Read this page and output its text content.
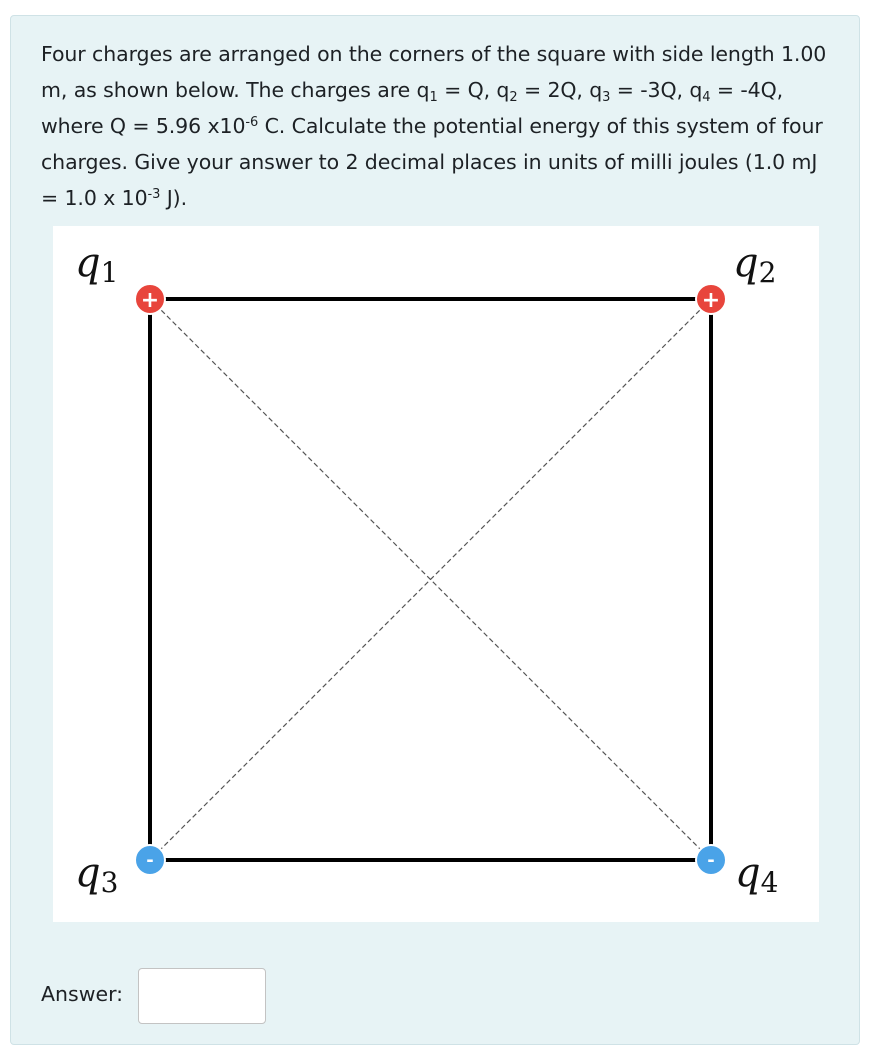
Four charges are arranged on the corners of the square with side length 1.00 m, as shown below. The charges are $q_1 = Q$, $q_2 = 2Q$, $q_3 = -3Q$, $q_4 = -4Q$, where Q = 5.96 $x10^{-6}$ C. Calculate the potential energy of this system of four charges. Give your answer to 2 decimal places in units of milli joules (1.0 mJ = 1.0 x $10^{-3}$ J).
+	+
-	-
q1	q2
q3	q4
Answer:
